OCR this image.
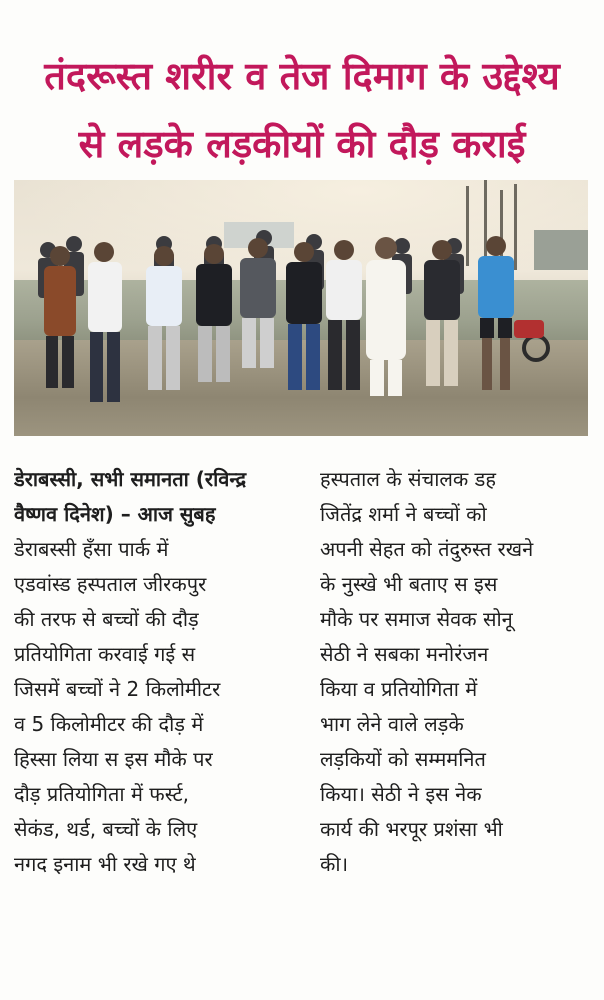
तंदरूस्त शरीर व तेज दिमाग के उद्देश्य
से लड़के लड़कीयों की दौड़ कराई
डेराबस्सी, सभी समानता (रविन्द्र
वैष्णव दिनेश) – आज सुबह
डेराबस्सी हँसा पार्क में
एडवांस्ड हस्पताल जीरकपुर
की तरफ से बच्चों की दौड़
प्रतियोगिता करवाई गई स
जिसमें बच्चों ने 2 किलोमीटर
व 5 किलोमीटर की दौड़ में
हिस्सा लिया स इस मौके पर
दौड़ प्रतियोगिता में फर्स्ट,
सेकंड, थर्ड, बच्चों के लिए
नगद इनाम भी रखे गए थे
हस्पताल के संचालक डह
जितेंद्र शर्मा ने बच्चों को
अपनी सेहत को तंदुरुस्त रखने
के नुस्खे भी बताए स इस
मौके पर समाज सेवक सोनू
सेठी ने सबका मनोरंजन
किया व प्रतियोगिता में
भाग लेने वाले लड़के
लड़कियों को सम्ममनित
किया। सेठी ने इस नेक
कार्य की भरपूर प्रशंसा भी
की।
